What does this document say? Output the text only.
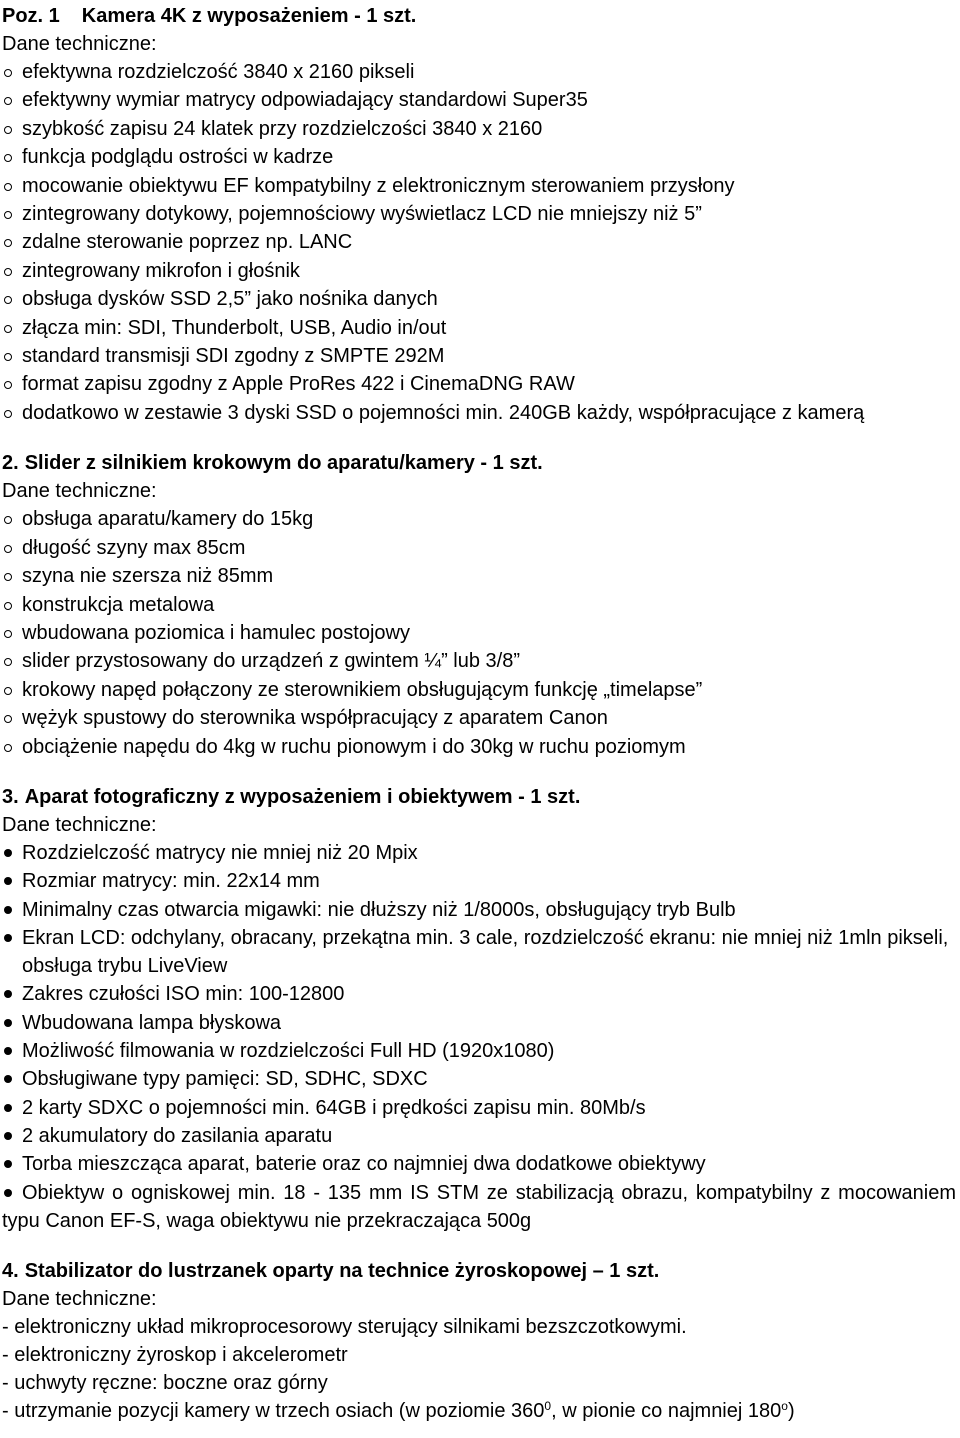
Poz. 1 Kamera 4K z wyposażeniem - 1 szt.
Dane techniczne:
efektywna rozdzielczość 3840 x 2160 pikseli
efektywny wymiar matrycy odpowiadający standardowi Super35
szybkość zapisu 24 klatek przy rozdzielczości 3840 x 2160
funkcja podglądu ostrości w kadrze
mocowanie obiektywu EF kompatybilny z elektronicznym sterowaniem przysłony
zintegrowany dotykowy, pojemnościowy wyświetlacz LCD nie mniejszy niż 5”
zdalne sterowanie poprzez np. LANC
zintegrowany mikrofon i głośnik
obsługa dysków SSD 2,5” jako nośnika danych
złącza min: SDI, Thunderbolt, USB, Audio in/out
standard transmisji SDI zgodny z SMPTE 292M
format zapisu zgodny z Apple ProRes 422 i CinemaDNG RAW
dodatkowo w zestawie 3 dyski SSD o pojemności min. 240GB każdy, współpracujące z kamerą
2. Slider z silnikiem krokowym do aparatu/kamery - 1 szt.
Dane techniczne:
obsługa aparatu/kamery do 15kg
długość szyny max 85cm
szyna nie szersza niż 85mm
konstrukcja metalowa
wbudowana poziomica i hamulec postojowy
slider przystosowany do urządzeń z gwintem ¼” lub 3/8”
krokowy napęd połączony ze sterownikiem obsługującym funkcję „timelapse”
wężyk spustowy do sterownika współpracujący z aparatem Canon
obciążenie napędu do 4kg w ruchu pionowym i do 30kg w ruchu poziomym
3. Aparat fotograficzny z wyposażeniem i obiektywem - 1 szt.
Dane techniczne:
Rozdzielczość matrycy nie mniej niż 20 Mpix
Rozmiar matrycy: min. 22x14 mm
Minimalny czas otwarcia migawki: nie dłuższy niż 1/8000s, obsługujący tryb Bulb
Ekran LCD: odchylany, obracany, przekątna min. 3 cale, rozdzielczość ekranu: nie mniej niż 1mln pikseli, obsługa trybu LiveView
Zakres czułości ISO min: 100-12800
Wbudowana lampa błyskowa
Możliwość filmowania w rozdzielczości Full HD (1920x1080)
Obsługiwane typy pamięci: SD, SDHC, SDXC
2 karty SDXC o pojemności min. 64GB i prędkości zapisu min. 80Mb/s
2 akumulatory do zasilania aparatu
Torba mieszcząca aparat, baterie oraz co najmniej dwa dodatkowe obiektywy
Obiektyw o ogniskowej min. 18 - 135 mm IS STM ze stabilizacją obrazu, kompatybilny z mocowaniem typu Canon EF-S, waga obiektywu nie przekraczająca 500g
4. Stabilizator do lustrzanek oparty na technice żyroskopowej – 1 szt.
Dane techniczne:
- elektroniczny układ mikroprocesorowy sterujący silnikami bezszczotkowymi.
- elektroniczny żyroskop i akcelerometr
- uchwyty ręczne: boczne oraz górny
- utrzymanie pozycji kamery w trzech osiach (w poziomie $360^0$, w pionie co najmniej 180$^o$)
